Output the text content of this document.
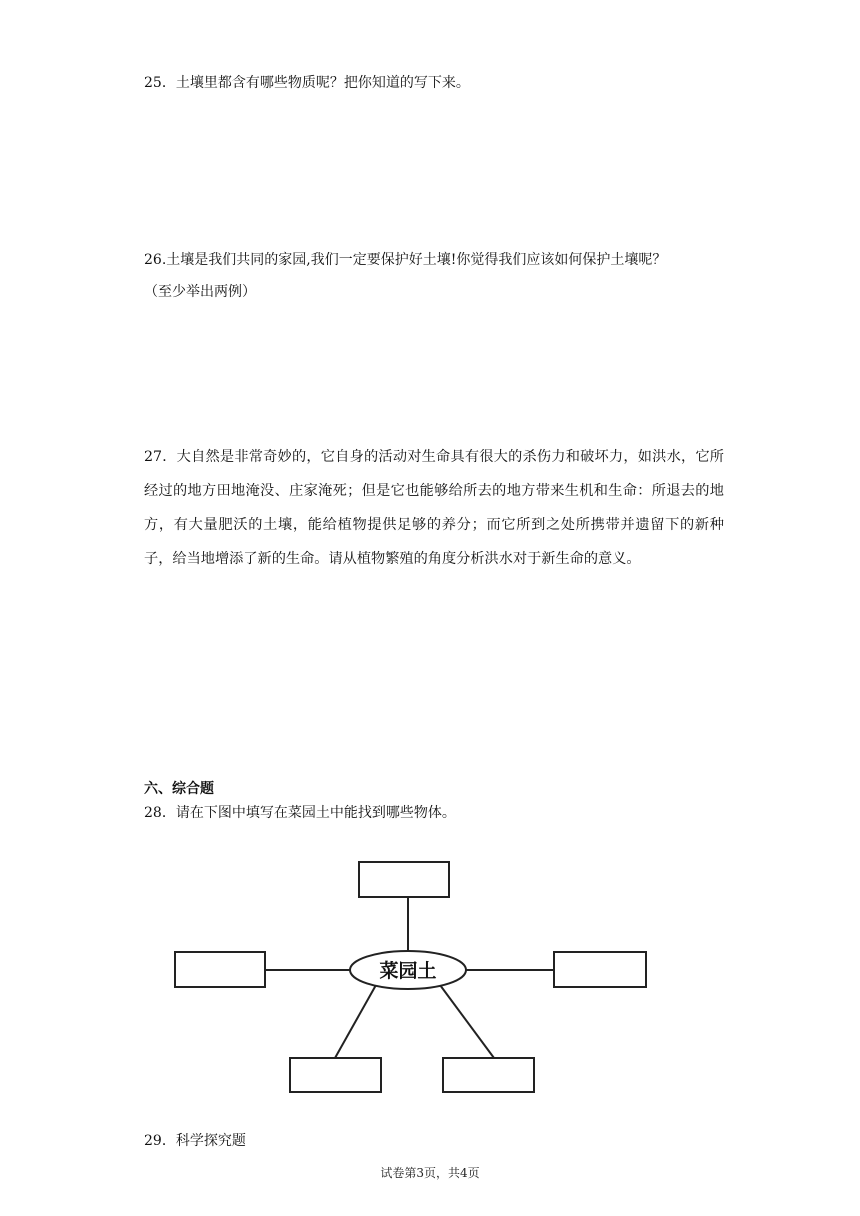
25．土壤里都含有哪些物质呢？把你知道的写下来。

26.土壤是我们共同的家园,我们一定要保护好土壤!你觉得我们应该如何保护土壤呢？
（至少举出两例）

27．大自然是非常奇妙的，它自身的活动对生命具有很大的杀伤力和破坏力，如洪水，它所经过的地方田地淹没、庄家淹死；但是它也能够给所去的地方带来生机和生命：所退去的地方，有大量肥沃的土壤，能给植物提供足够的养分；而它所到之处所携带并遗留下的新种子，给当地增添了新的生命。请从植物繁殖的角度分析洪水对于新生命的意义。

六、综合题

28．请在下图中填写在菜园土中能找到哪些物体。

菜园土

29．科学探究题

试卷第3页，共4页
